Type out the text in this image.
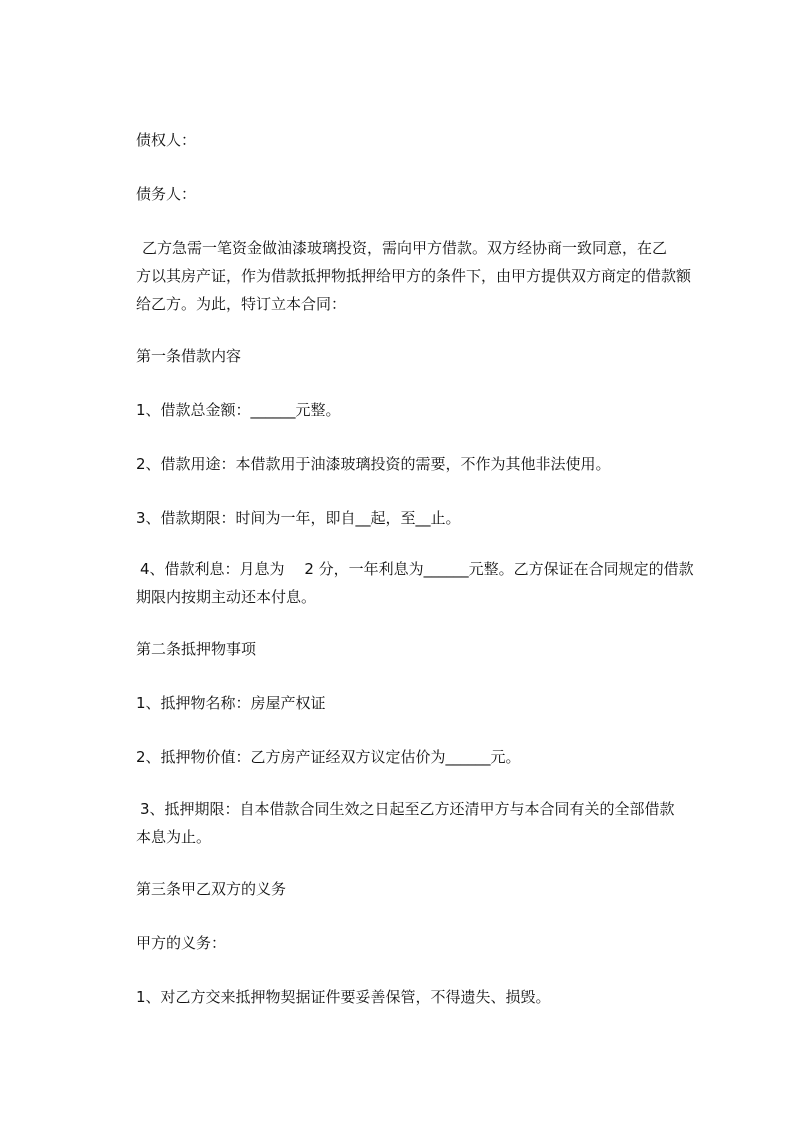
债权人：

债务人：

乙方急需一笔资金做油漆玻璃投资，需向甲方借款。双方经协商一致同意，在乙

方以其房产证，作为借款抵押物抵押给甲方的条件下，由甲方提供双方商定的借款额

给乙方。为此，特订立本合同：

第一条借款内容

1、借款总金额：______元整。

2、借款用途：本借款用于油漆玻璃投资的需要，不作为其他非法使用。

3、借款期限：时间为一年，即自__起，至__止。

4、借款利息：月息为　 2 分，一年利息为______元整。乙方保证在合同规定的借款

期限内按期主动还本付息。

第二条抵押物事项

1、抵押物名称：房屋产权证

2、抵押物价值：乙方房产证经双方议定估价为______元。

3、抵押期限：自本借款合同生效之日起至乙方还清甲方与本合同有关的全部借款

本息为止。

第三条甲乙双方的义务

甲方的义务：

1、对乙方交来抵押物契据证件要妥善保管，不得遗失、损毁。
